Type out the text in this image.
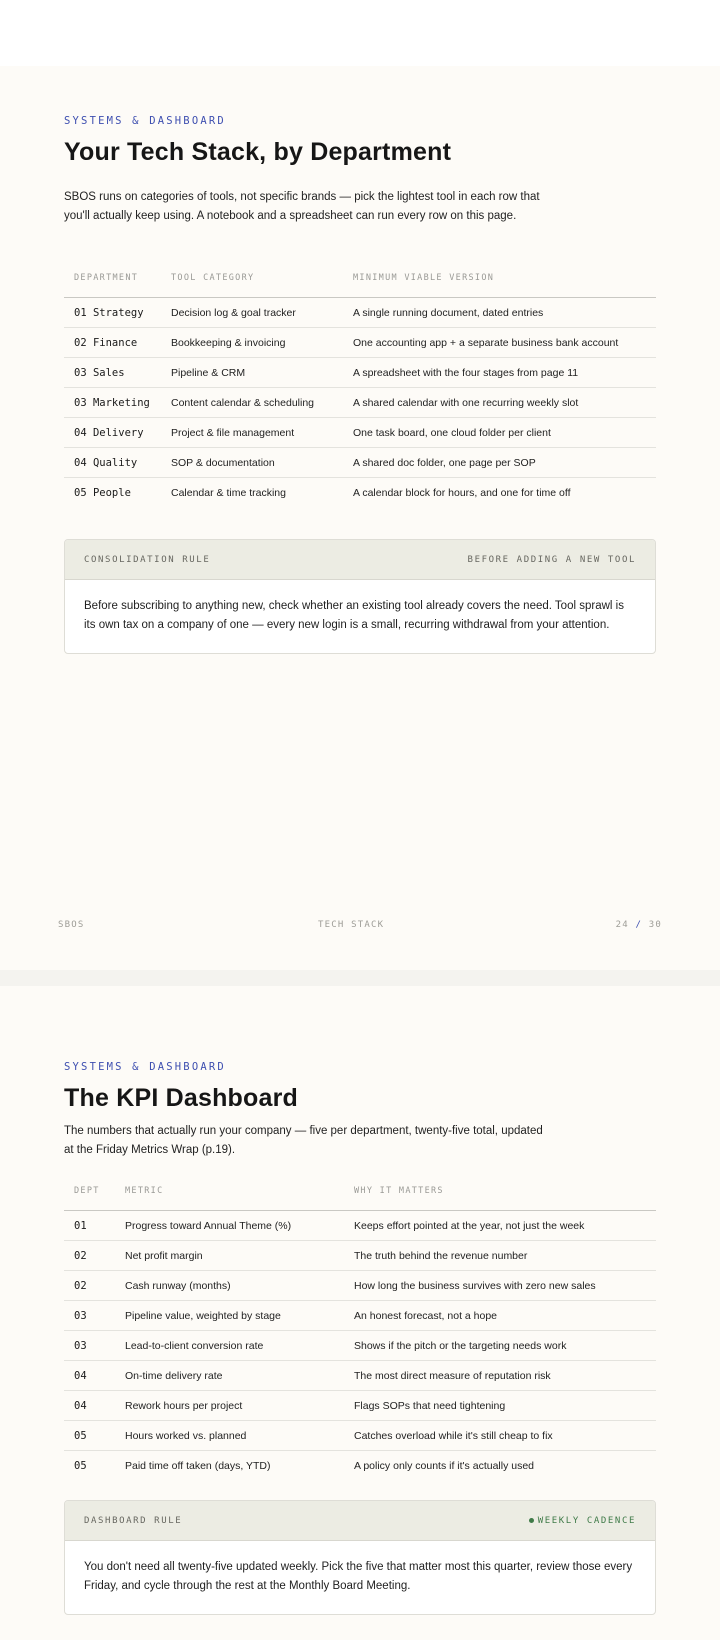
SYSTEMS & DASHBOARD
Your Tech Stack, by Department

SBOS runs on categories of tools, not specific brands — pick the lightest tool in each row that you'll actually keep using. A notebook and a spreadsheet can run every row on this page.

DEPARTMENT	TOOL CATEGORY	MINIMUM VIABLE VERSION
01 Strategy	Decision log & goal tracker	A single running document, dated entries
02 Finance	Bookkeeping & invoicing	One accounting app + a separate business bank account
03 Sales	Pipeline & CRM	A spreadsheet with the four stages from page 11
03 Marketing	Content calendar & scheduling	A shared calendar with one recurring weekly slot
04 Delivery	Project & file management	One task board, one cloud folder per client
04 Quality	SOP & documentation	A shared doc folder, one page per SOP
05 People	Calendar & time tracking	A calendar block for hours, and one for time off
CONSOLIDATION RULE	BEFORE ADDING A NEW TOOL
Before subscribing to anything new, check whether an existing tool already covers the need. Tool sprawl is its own tax on a company of one — every new login is a small, recurring withdrawal from your attention.
SBOS	TECH STACK	24 / 30
SYSTEMS & DASHBOARD
The KPI Dashboard

The numbers that actually run your company — five per department, twenty-five total, updated at the Friday Metrics Wrap (p.19).

DEPT	METRIC	WHY IT MATTERS
01	Progress toward Annual Theme (%)	Keeps effort pointed at the year, not just the week
02	Net profit margin	The truth behind the revenue number
02	Cash runway (months)	How long the business survives with zero new sales
03	Pipeline value, weighted by stage	An honest forecast, not a hope
03	Lead-to-client conversion rate	Shows if the pitch or the targeting needs work
04	On-time delivery rate	The most direct measure of reputation risk
04	Rework hours per project	Flags SOPs that need tightening
05	Hours worked vs. planned	Catches overload while it's still cheap to fix
05	Paid time off taken (days, YTD)	A policy only counts if it's actually used
DASHBOARD RULE	WEEKLY CADENCE
You don't need all twenty-five updated weekly. Pick the five that matter most this quarter, review those every Friday, and cycle through the rest at the Monthly Board Meeting.
